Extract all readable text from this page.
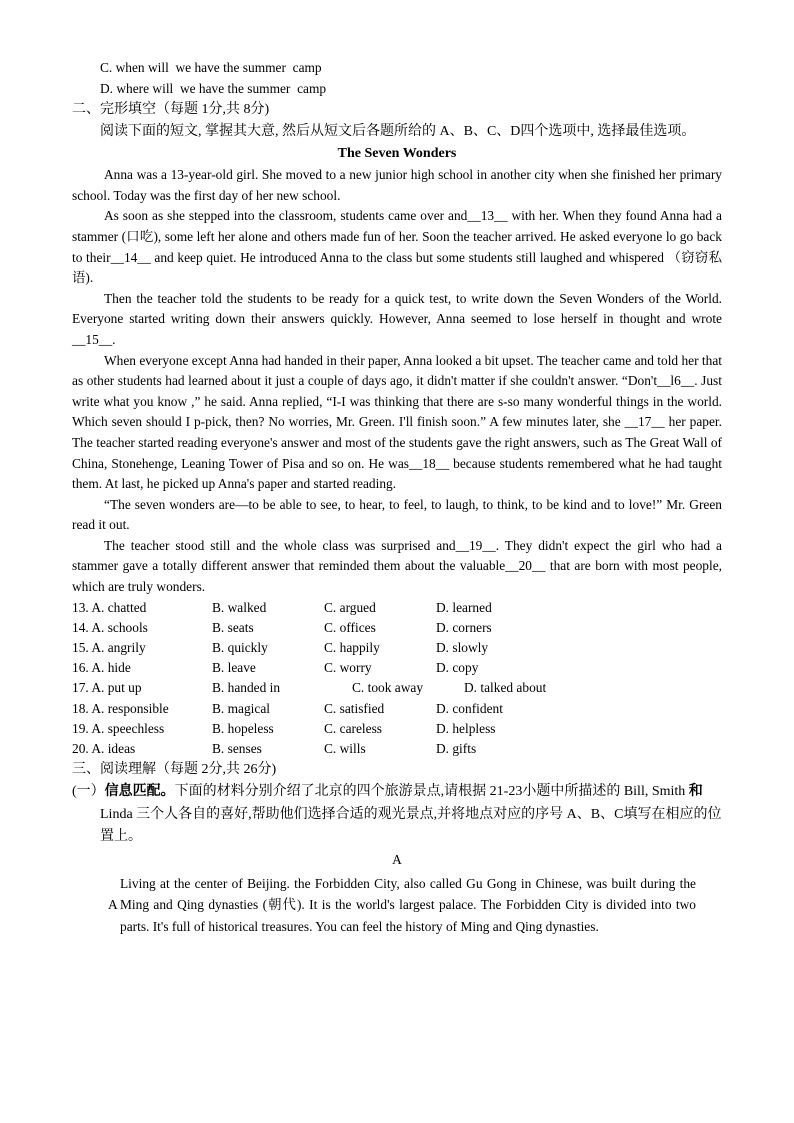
C. when will  we have the summer  camp
D. where will  we have the summer  camp
二、完形填空（每题 1分,共 8分)
阅读下面的短文, 掌握其大意, 然后从短文后各题所给的 A、B、C、D四个选项中, 选择最佳选项。
The Seven Wonders
Anna was a 13-year-old girl. She moved to a new junior high school in another city when she finished her primary school. Today was the first day of her new school.
As soon as she stepped into the classroom, students came over and__13__ with her. When they found Anna had a stammer (口吃), some left her alone and others made fun of her. Soon the teacher arrived. He asked everyone lo go back to their__14__ and keep quiet. He introduced Anna to the class but some students still laughed and whispered （窃窃私语).
Then the teacher told the students to be ready for a quick test, to write down the Seven Wonders of the World. Everyone started writing down their answers quickly. However, Anna seemed to lose herself in thought and wrote __15__.
When everyone except Anna had handed in their paper, Anna looked a bit upset. The teacher came and told her that as other students had learned about it just a couple of days ago, it didn't matter if she couldn't answer. “Don't__l6__. Just write what you know ,” he said. Anna replied, “I-I was thinking that there are s-so many wonderful things in the world. Which seven should I p-pick, then? No worries, Mr. Green. I'll finish soon.” A few minutes later, she __17__ her paper. The teacher started reading everyone's answer and most of the students gave the right answers, such as The Great Wall of China, Stonehenge, Leaning Tower of Pisa and so on. He was__18__ because students remembered what he had taught them. At last, he picked up Anna's paper and started reading.
“The seven wonders are—to be able to see, to hear, to feel, to laugh, to think, to be kind and to love!” Mr. Green read it out.
The teacher stood still and the whole class was surprised and__19__. They didn't expect the girl who had a stammer gave a totally different answer that reminded them about the valuable__20__ that are born with most people, which are truly wonders.
13. A. chatted	B. walked	C. argued	D. learned
14. A. schools	B. seats	C. offices	D. corners
15. A. angrily	B. quickly	C. happily	D. slowly
16. A. hide	B. leave	C. worry	D. copy
17. A. put up	B. handed in	C. took away	D. talked about
18. A. responsible	B. magical	C. satisfied	D. confident
19. A. speechless	B. hopeless	C. careless	D. helpless
20. A. ideas	B. senses	C. wills	D. gifts
三、阅读理解（每题 2分,共 26分)
(一）信息匹配。下面的材料分别介绍了北京的四个旅游景点,请根据 21-23小题中所描述的 Bill, Smith 和 Linda 三个人各自的喜好,帮助他们选择合适的观光景点,并将地点对应的序号 A、B、C填写在相应的位置上。
A
A
Living at the center of Beijing. the Forbidden City, also called Gu Gong in Chinese, was built during the Ming and Qing dynasties (朝代). It is the world's largest palace. The Forbidden City is divided into two parts. It's full of historical treasures. You can feel the history of Ming and Qing dynasties.
